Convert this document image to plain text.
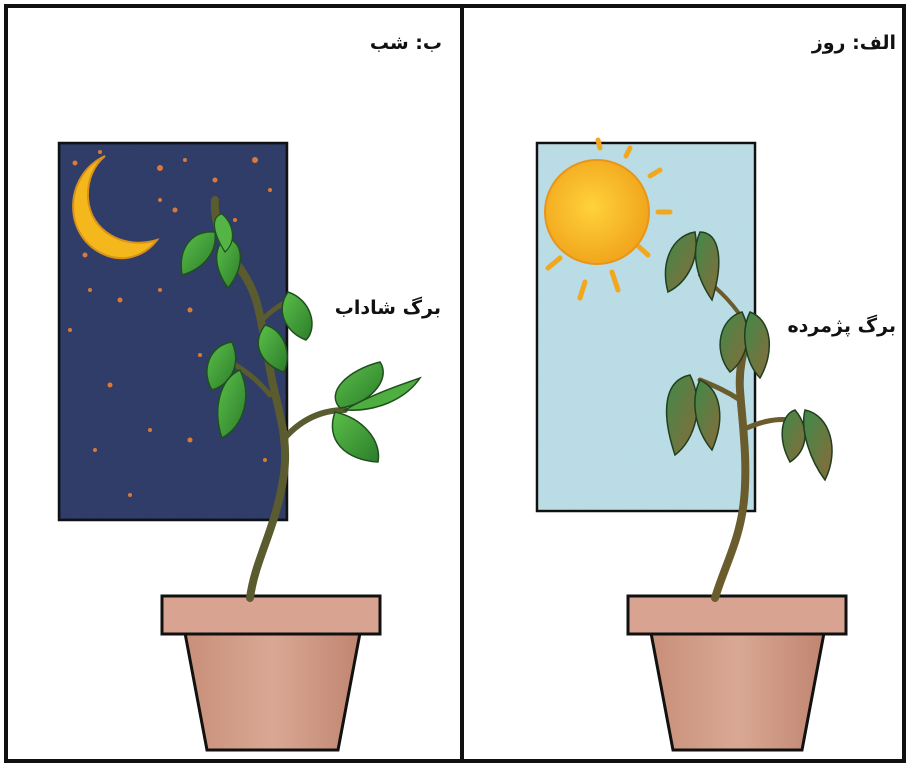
ب: شب
برگ شاداب
الف: روز
برگ پژمرده
